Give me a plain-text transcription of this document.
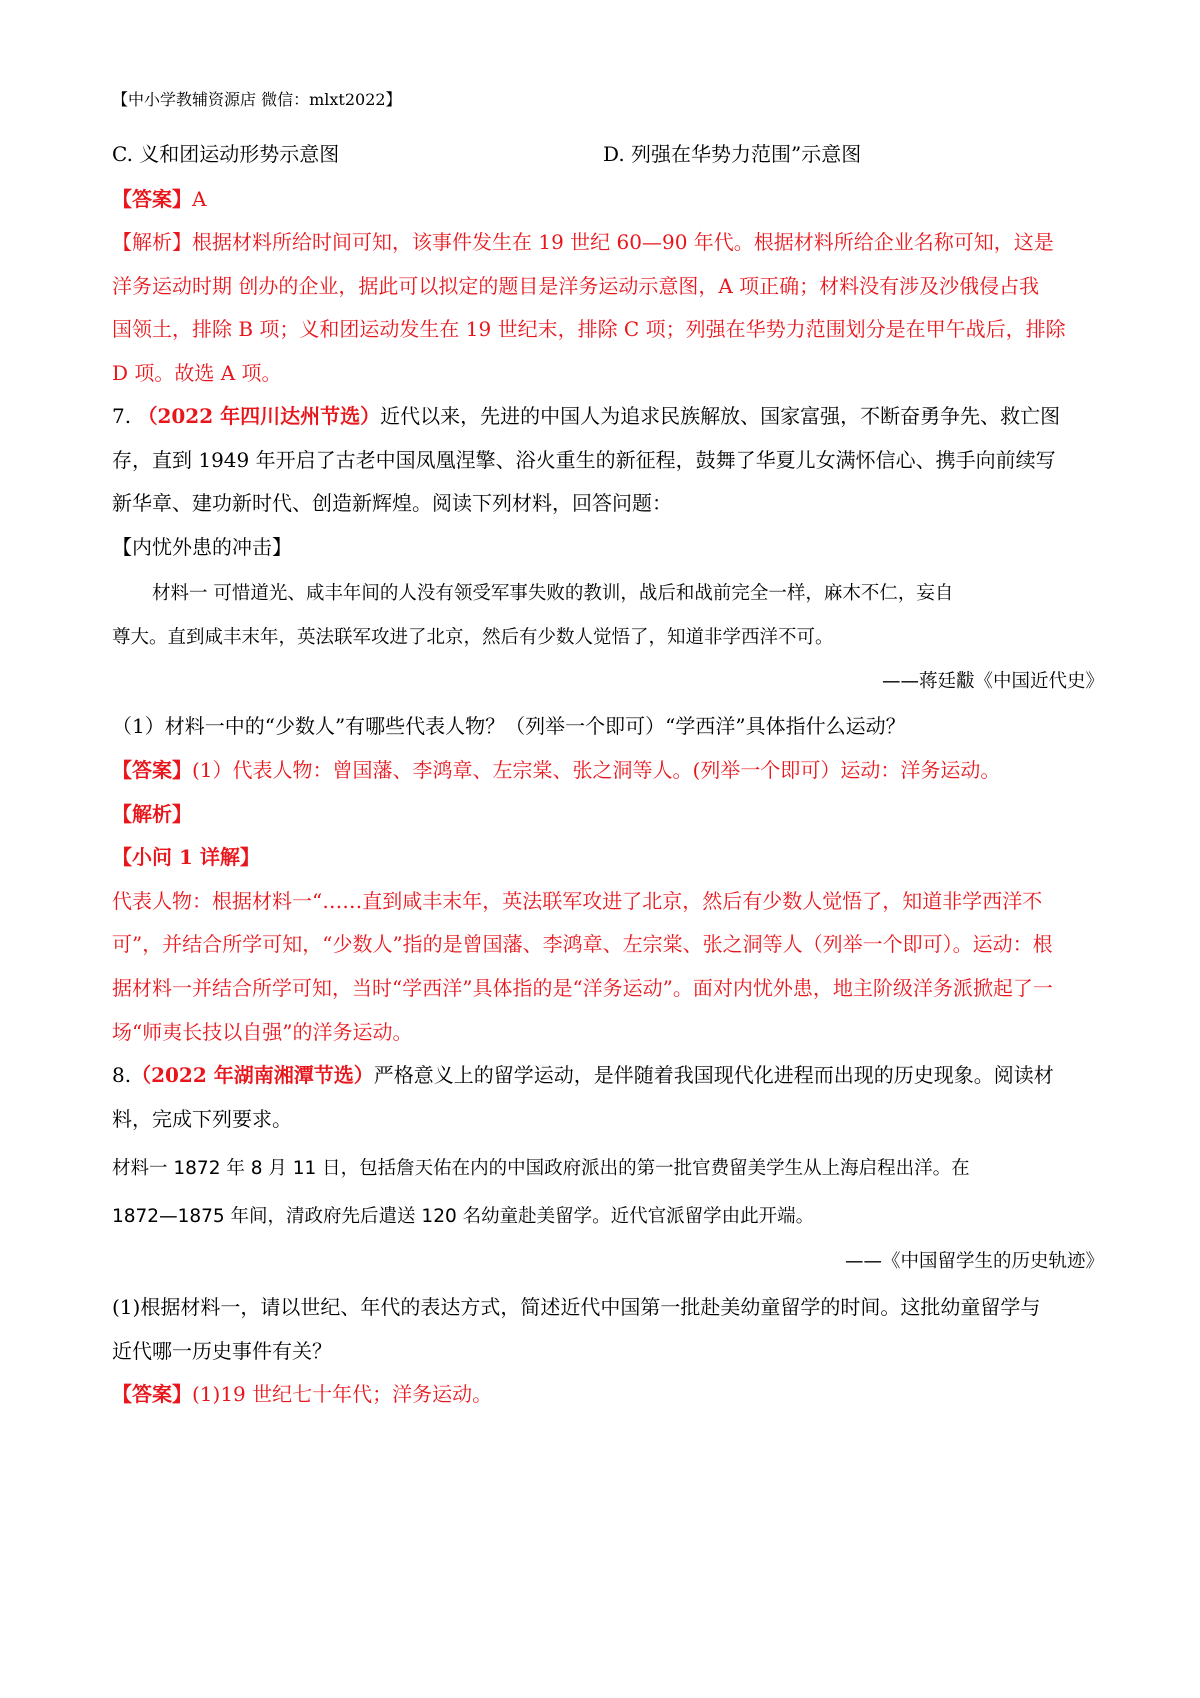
【中小学教辅资源店 微信：mlxt2022】
C. 义和团运动形势示意图	D. 列强在华势力范围”示意图
【答案】A
【解析】根据材料所给时间可知，该事件发生在 19 世纪 60—90 年代。根据材料所给企业名称可知，这是
洋务运动时期 创办的企业，据此可以拟定的题目是洋务运动示意图，A 项正确；材料没有涉及沙俄侵占我
国领土，排除 B 项；义和团运动发生在 19 世纪末，排除 C 项；列强在华势力范围划分是在甲午战后，排除
D 项。故选 A 项。
7. （2022 年四川达州节选）近代以来，先进的中国人为追求民族解放、国家富强，不断奋勇争先、救亡图
存，直到 1949 年开启了古老中国凤凰涅擎、浴火重生的新征程，鼓舞了华夏儿女满怀信心、携手向前续写
新华章、建功新时代、创造新辉煌。阅读下列材料，回答问题：
【内忧外患的冲击】
材料一 可惜道光、咸丰年间的人没有领受军事失败的教训，战后和战前完全一样，麻木不仁，妄自
尊大。直到咸丰末年，英法联军攻进了北京，然后有少数人觉悟了，知道非学西洋不可。
——蒋廷黻《中国近代史》
（1）材料一中的“少数人”有哪些代表人物？（列举一个即可）“学西洋”具体指什么运动？
【答案】(1）代表人物：曾国藩、李鸿章、左宗棠、张之洞等人。(列举一个即可）运动：洋务运动。
【解析】
【小问 1 详解】
代表人物：根据材料一“……直到咸丰末年，英法联军攻进了北京，然后有少数人觉悟了，知道非学西洋不
可”，并结合所学可知，“少数人”指的是曾国藩、李鸿章、左宗棠、张之洞等人（列举一个即可）。运动：根
据材料一并结合所学可知，当时“学西洋”具体指的是“洋务运动”。面对内忧外患，地主阶级洋务派掀起了一
场“师夷长技以自强”的洋务运动。
8.（2022 年湖南湘潭节选）严格意义上的留学运动，是伴随着我国现代化进程而出现的历史现象。阅读材
料，完成下列要求。
材料一 1872 年 8 月 11 日，包括詹天佑在内的中国政府派出的第一批官费留美学生从上海启程出洋。在
1872—1875 年间，清政府先后遣送 120 名幼童赴美留学。近代官派留学由此开端。
——《中国留学生的历史轨迹》
(1)根据材料一，请以世纪、年代的表达方式，简述近代中国第一批赴美幼童留学的时间。这批幼童留学与
近代哪一历史事件有关？
【答案】(1)19 世纪七十年代；洋务运动。
